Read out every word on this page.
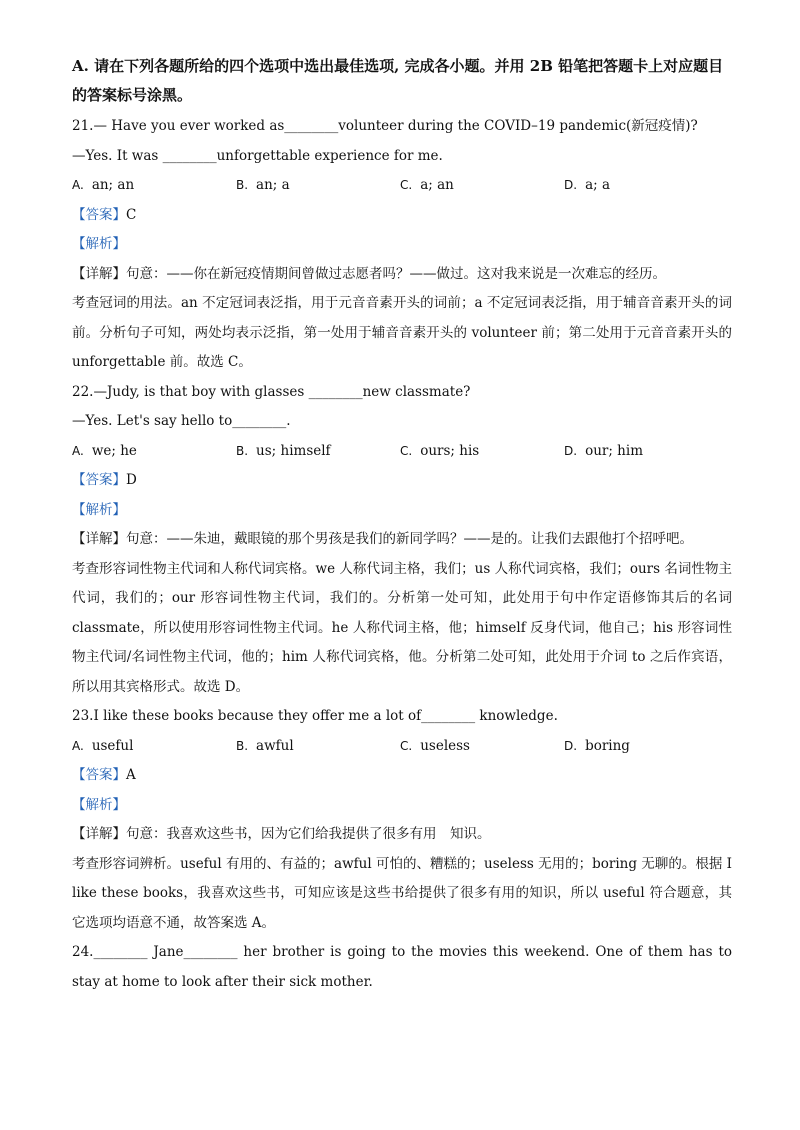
A. 请在下列各题所给的四个选项中选出最佳选项, 完成各小题。并用 2B 铅笔把答题卡上对应题目的答案标号涂黑。
21.— Have you ever worked as________volunteer during the COVID–19 pandemic(新冠疫情)?
—Yes. It was ________unforgettable experience for me.
A. an; an	B. an; a	C. a; an	D. a; a
【答案】C
【解析】
【详解】句意：——你在新冠疫情期间曾做过志愿者吗？——做过。这对我来说是一次难忘的经历。

考查冠词的用法。an 不定冠词表泛指，用于元音音素开头的词前；a 不定冠词表泛指，用于辅音音素开头的词前。分析句子可知，两处均表示泛指，第一处用于辅音音素开头的 volunteer 前；第二处用于元音音素开头的 unforgettable 前。故选 C。

22.—Judy, is that boy with glasses ________new classmate?
—Yes. Let's say hello to________.
A. we; he	B. us; himself	C. ours; his	D. our; him
【答案】D
【解析】
【详解】句意：——朱迪，戴眼镜的那个男孩是我们的新同学吗？——是的。让我们去跟他打个招呼吧。

考查形容词性物主代词和人称代词宾格。we 人称代词主格，我们；us 人称代词宾格，我们；ours 名词性物主代词，我们的；our 形容词性物主代词，我们的。分析第一处可知，此处用于句中作定语修饰其后的名词 classmate，所以使用形容词性物主代词。he 人称代词主格，他；himself 反身代词，他自己；his 形容词性物主代词/名词性物主代词，他的；him 人称代词宾格，他。分析第二处可知，此处用于介词 to 之后作宾语，所以用其宾格形式。故选 D。

23.I like these books because they offer me a lot of________ knowledge.
A. useful	B. awful	C. useless	D. boring
【答案】A
【解析】
【详解】句意：我喜欢这些书，因为它们给我提供了很多有用　知识。

考查形容词辨析。useful 有用的、有益的；awful 可怕的、糟糕的；useless 无用的；boring 无聊的。根据 I like these books，我喜欢这些书，可知应该是这些书给提供了很多有用的知识，所以 useful 符合题意，其它选项均语意不通，故答案选 A。

24.________ Jane________ her brother is going to the movies this weekend. One of them has to stay at home to look after their sick mother.
